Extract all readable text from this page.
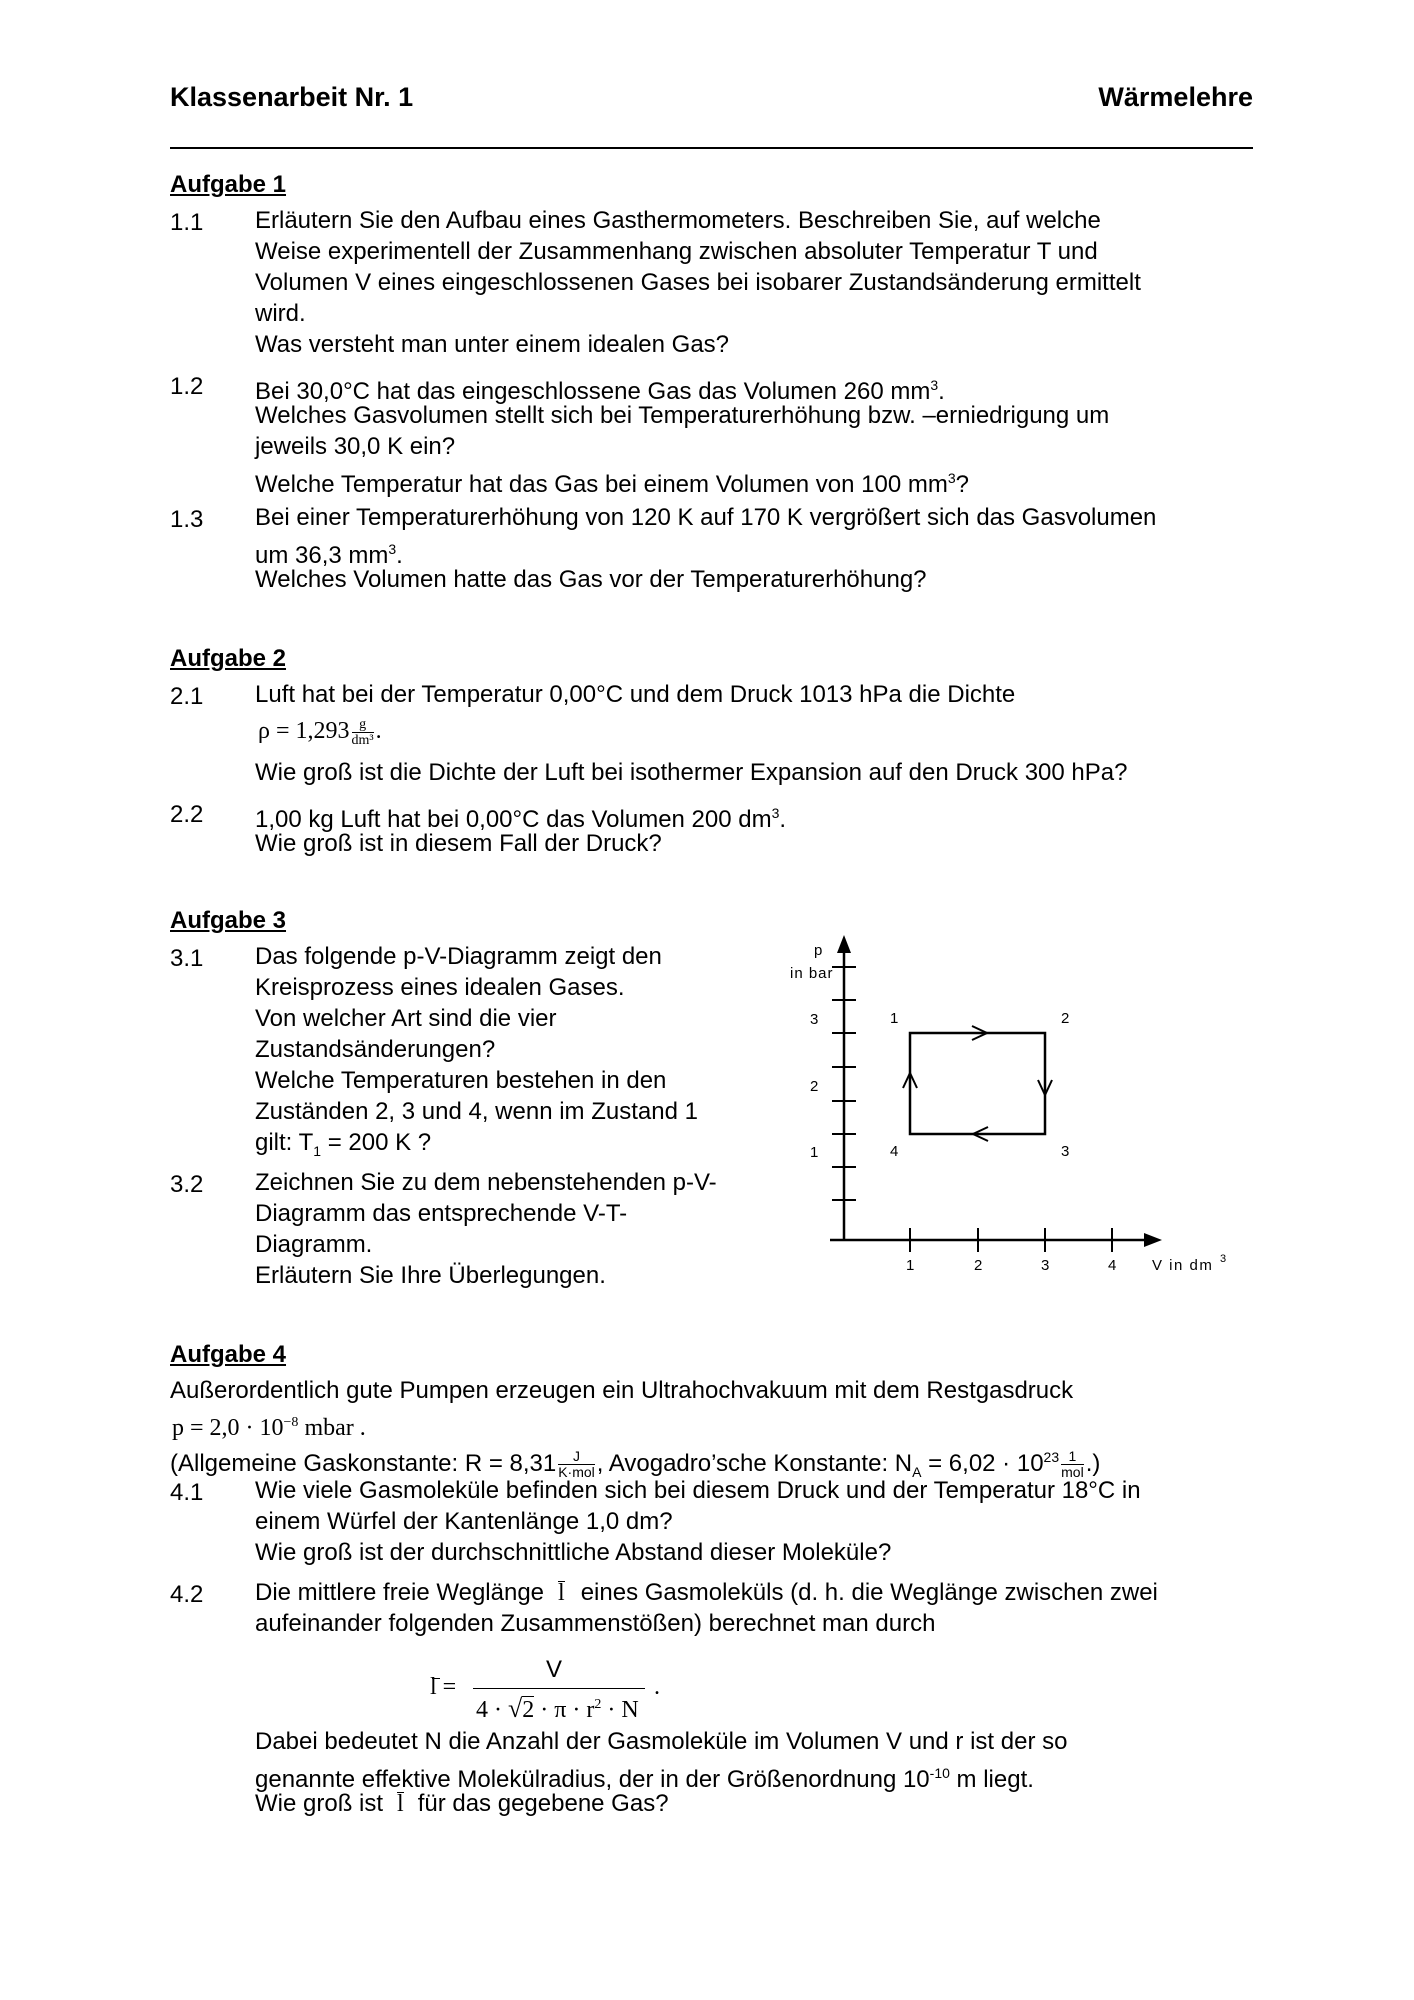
Klassenarbeit Nr. 1	Wärmelehre
Aufgabe 1
1.1 Erläutern Sie den Aufbau eines Gasthermometers. Beschreiben Sie, auf welche
Weise experimentell der Zusammenhang zwischen absoluter Temperatur T und
Volumen V eines eingeschlossenen Gases bei isobarer Zustandsänderung ermittelt
wird.
Was versteht man unter einem idealen Gas?
1.2 Bei 30,0°C hat das eingeschlossene Gas das Volumen 260 $mm^3$.
Welches Gasvolumen stellt sich bei Temperaturerhöhung bzw. –erniedrigung um
jeweils 30,0 K ein?
Welche Temperatur hat das Gas bei einem Volumen von 100 $mm^3$?
1.3 Bei einer Temperaturerhöhung von 120 K auf 170 K vergrößert sich das Gasvolumen
um 36,3 $mm^3$.
Welches Volumen hatte das Gas vor der Temperaturerhöhung?
Aufgabe 2
2.1 Luft hat bei der Temperatur 0,00°C und dem Druck 1013 hPa die Dichte
$\rho = 1,293 \frac{g}{\text{dm³}}$ .
Wie groß ist die Dichte der Luft bei isothermer Expansion auf den Druck 300 hPa?
2.2 1,00 kg Luft hat bei 0,00°C das Volumen 200 $dm^3$.
Wie groß ist in diesem Fall der Druck?
Aufgabe 3
3.1 Das folgende p-V-Diagramm zeigt den
Kreisprozess eines idealen Gases.
Von welcher Art sind die vier
Zustandsänderungen?
Welche Temperaturen bestehen in den
Zuständen 2, 3 und 4, wenn im Zustand 1
gilt: $T_1 = 200$ K ?
3.2 Zeichnen Sie zu dem nebenstehenden p-V-
Diagramm das entsprechende V-T-
Diagramm.
Erläutern Sie Ihre Überlegungen.
p
in bar
3
2
1
1	2	3	4 V in dm 3
1	2
3
4
Aufgabe 4
Außerordentlich gute Pumpen erzeugen ein Ultrahochvakuum mit dem Restgasdruck
$p = 2,0 \cdot 10^{-8}$ mbar .
(Allgemeine Gaskonstante: $R = 8,31 \frac{J}{\text{K·mol}}$ , Avogadro’sche Konstante: $N_A = 6,02 \cdot 10^{23} \frac{1}{\text{mol}}$ .)
4.1 Wie viele Gasmoleküle befinden sich bei diesem Druck und der Temperatur 18°C in
einem Würfel der Kantenlänge 1,0 dm?
Wie groß ist der durchschnittliche Abstand dieser Moleküle?
4.2 Die mittlere freie Weglänge l eines Gasmoleküls (d. h. die Weglänge zwischen zwei
aufeinander folgenden Zusammenstößen) berechnet man durch
l =
V
$4 \cdot √2 \cdot \pi \cdot r^2 \cdot N$
.
Dabei bedeutet N die Anzahl der Gasmoleküle im Volumen V und r ist der so
genannte effektive Molekülradius, der in der Größenordnung $10^{-10}$ m liegt.
Wie groß ist l für das gegebene Gas?
